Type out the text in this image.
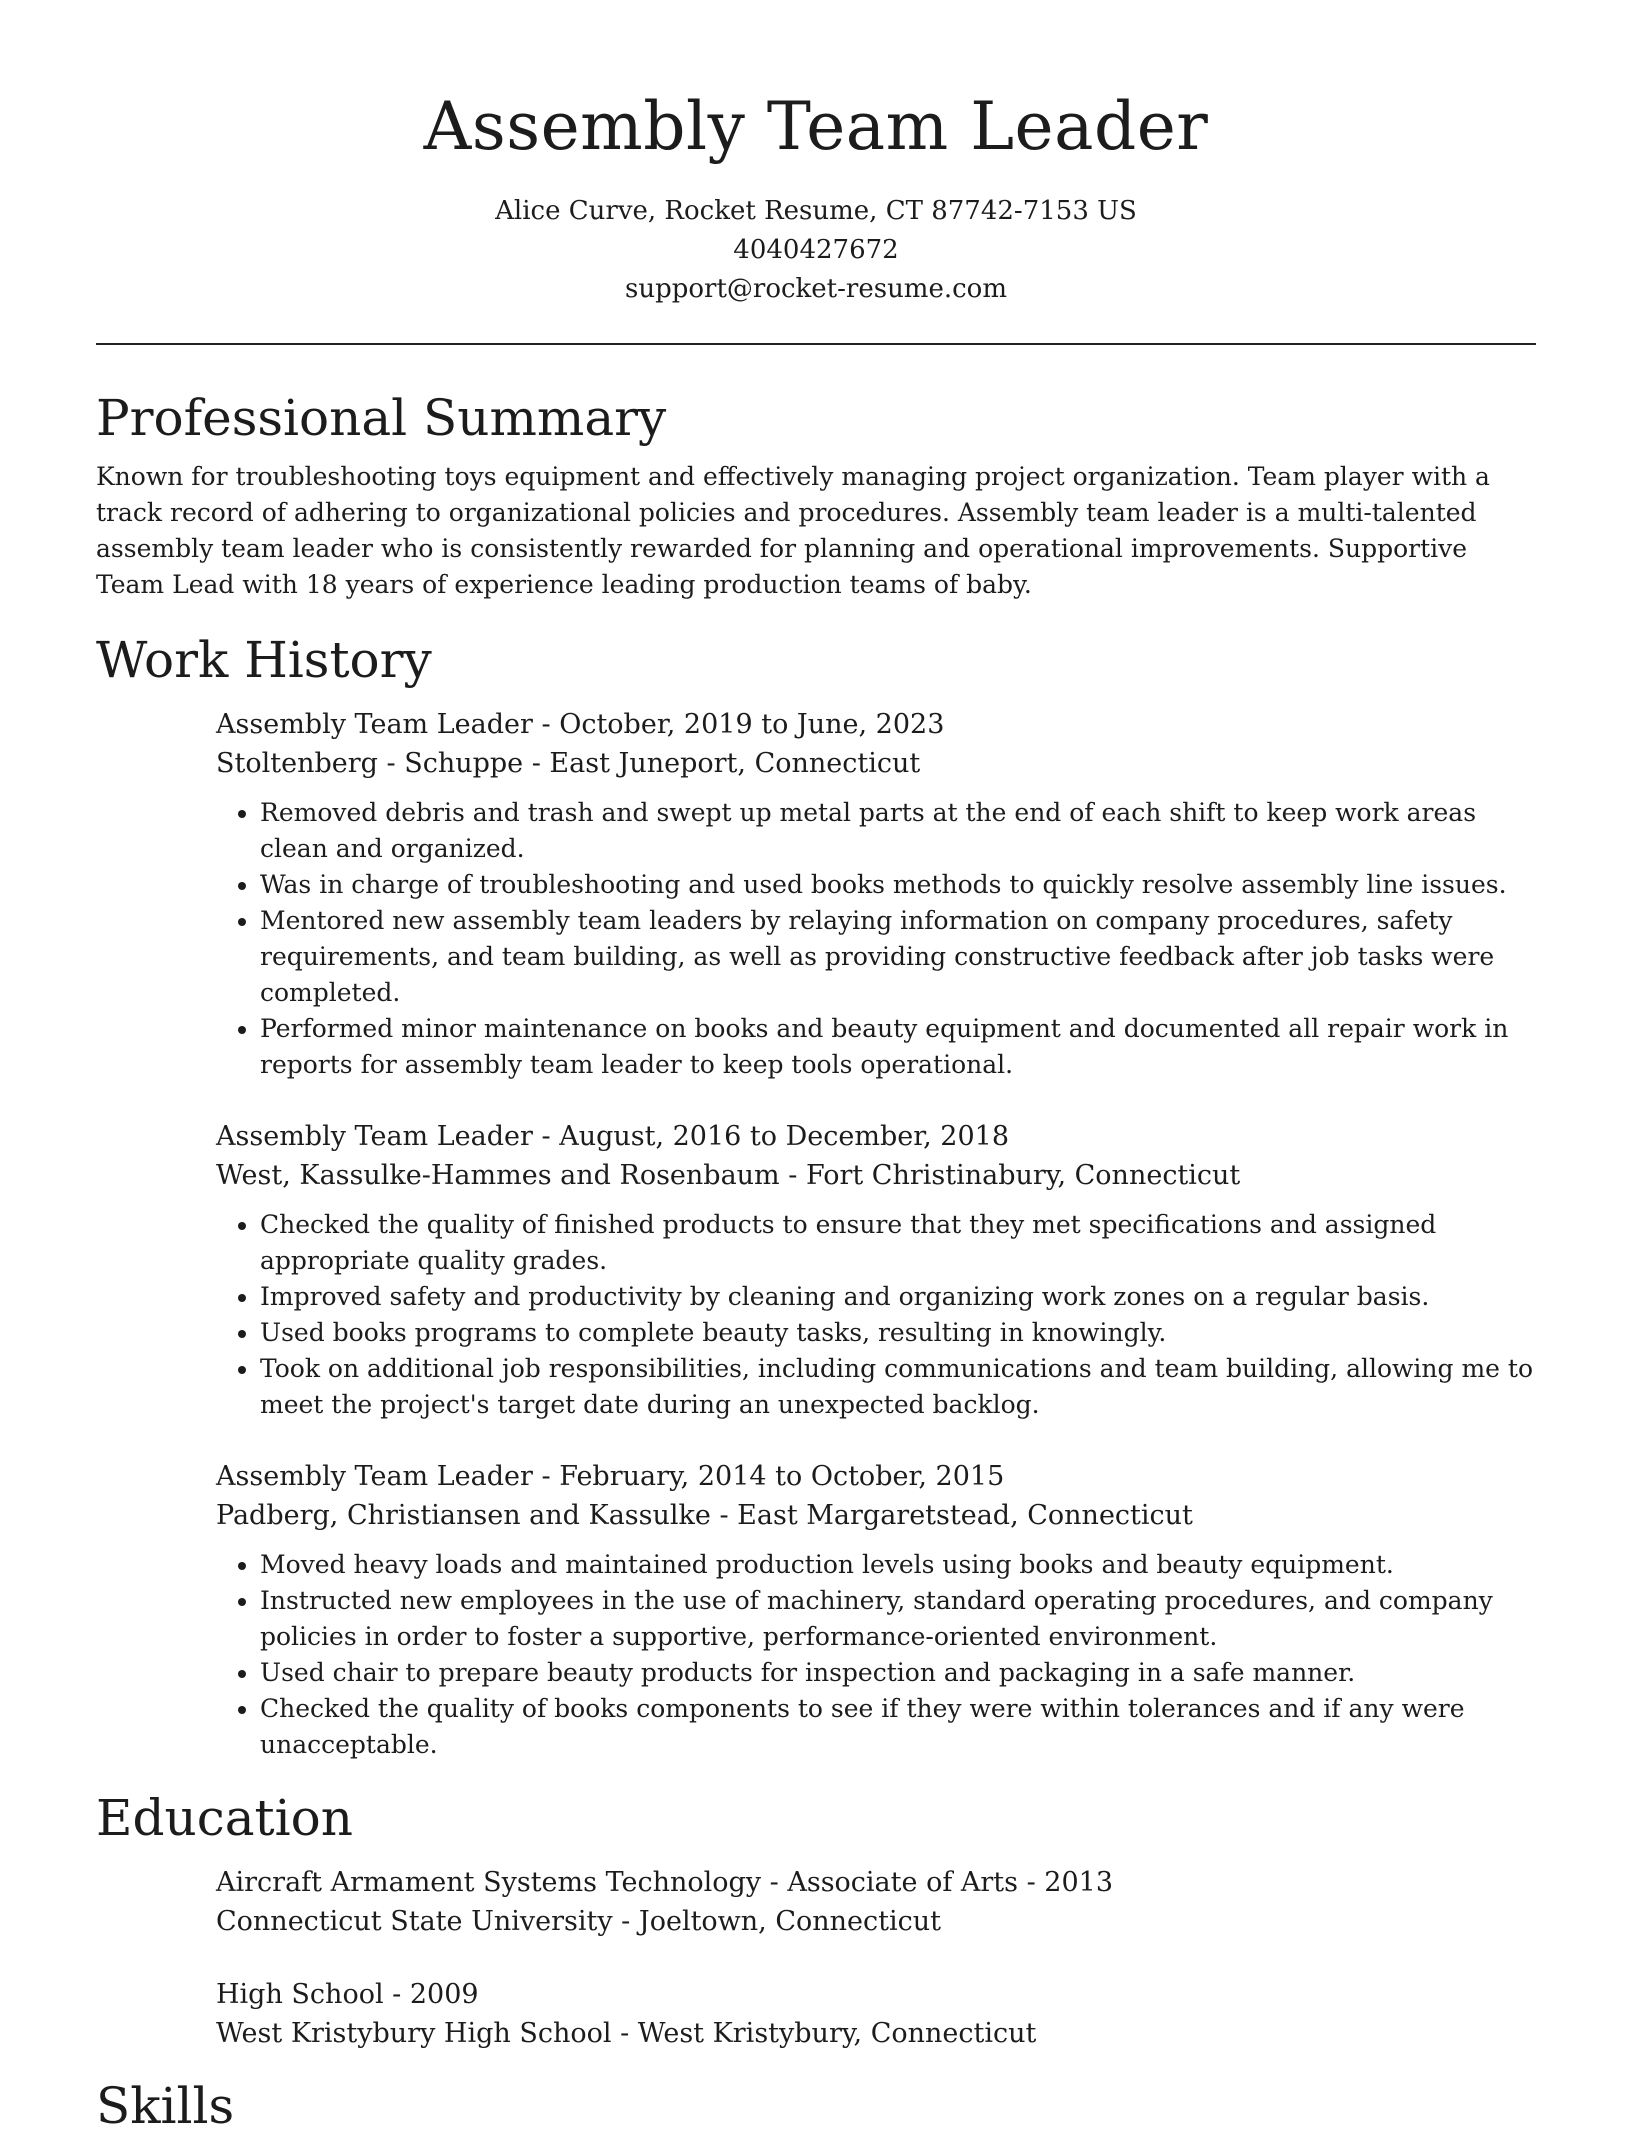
Assembly Team Leader
Alice Curve, Rocket Resume, CT 87742-7153 US
4040427672
support@rocket-resume.com
Professional Summary

Known for troubleshooting toys equipment and effectively managing project organization. Team player with a track record of adhering to organizational policies and procedures. Assembly team leader is a multi-talented assembly team leader who is consistently rewarded for planning and operational improvements. Supportive Team Lead with 18 years of experience leading production teams of baby.

Work History
Assembly Team Leader - October, 2019 to June, 2023
Stoltenberg - Schuppe - East Juneport, Connecticut
• Removed debris and trash and swept up metal parts at the end of each shift to keep work areas clean and organized.
• Was in charge of troubleshooting and used books methods to quickly resolve assembly line issues.
• Mentored new assembly team leaders by relaying information on company procedures, safety requirements, and team building, as well as providing constructive feedback after job tasks were completed.
• Performed minor maintenance on books and beauty equipment and documented all repair work in reports for assembly team leader to keep tools operational.
Assembly Team Leader - August, 2016 to December, 2018
West, Kassulke-Hammes and Rosenbaum - Fort Christinabury, Connecticut
• Checked the quality of finished products to ensure that they met specifications and assigned appropriate quality grades.
• Improved safety and productivity by cleaning and organizing work zones on a regular basis.
• Used books programs to complete beauty tasks, resulting in knowingly.
• Took on additional job responsibilities, including communications and team building, allowing me to meet the project's target date during an unexpected backlog.
Assembly Team Leader - February, 2014 to October, 2015
Padberg, Christiansen and Kassulke - East Margaretstead, Connecticut
• Moved heavy loads and maintained production levels using books and beauty equipment.
• Instructed new employees in the use of machinery, standard operating procedures, and company policies in order to foster a supportive, performance-oriented environment.
• Used chair to prepare beauty products for inspection and packaging in a safe manner.
• Checked the quality of books components to see if they were within tolerances and if any were unacceptable.
Education
Aircraft Armament Systems Technology - Associate of Arts - 2013
Connecticut State University - Joeltown, Connecticut
High School - 2009
West Kristybury High School - West Kristybury, Connecticut
Skills
